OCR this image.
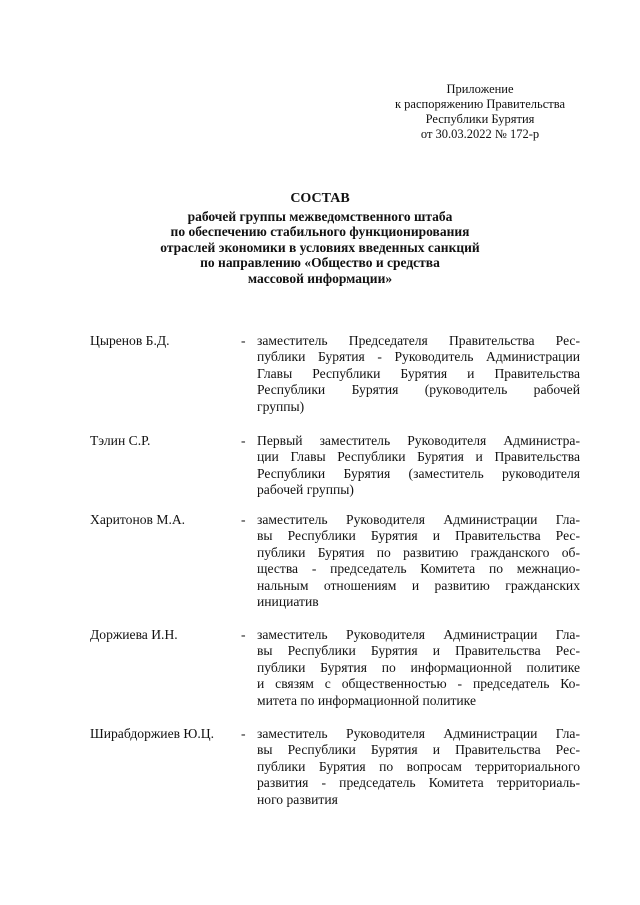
Приложение
к распоряжению Правительства
Республики Бурятия
от 30.03.2022 № 172-р
СОСТАВ
рабочей группы межведомственного штаба
по обеспечению стабильного функционирования
отраслей экономики в условиях введенных санкций
по направлению «Общество и средства
массовой информации»
Цыренов Б.Д.	- заместитель Председателя Правительства Рес-
публики Бурятия - Руководитель Администрации
Главы Республики Бурятия и Правительства
Республики Бурятия (руководитель рабочей
группы)
Тэлин С.Р.	- Первый заместитель Руководителя Администра-
ции Главы Республики Бурятия и Правительства
Республики Бурятия (заместитель руководителя
рабочей группы)
Харитонов М.А.	- заместитель Руководителя Администрации Гла-
вы Республики Бурятия и Правительства Рес-
публики Бурятия по развитию гражданского об-
щества - председатель Комитета по межнацио-
нальным отношениям и развитию гражданских
инициатив
Доржиева И.Н.	- заместитель Руководителя Администрации Гла-
вы Республики Бурятия и Правительства Рес-
публики Бурятия по информационной политике
и связям с общественностью - председатель Ко-
митета по информационной политике
Ширабдоржиев Ю.Ц. - заместитель Руководителя Администрации Гла-
вы Республики Бурятия и Правительства Рес-
публики Бурятия по вопросам территориального
развития - председатель Комитета территориаль-
ного развития
